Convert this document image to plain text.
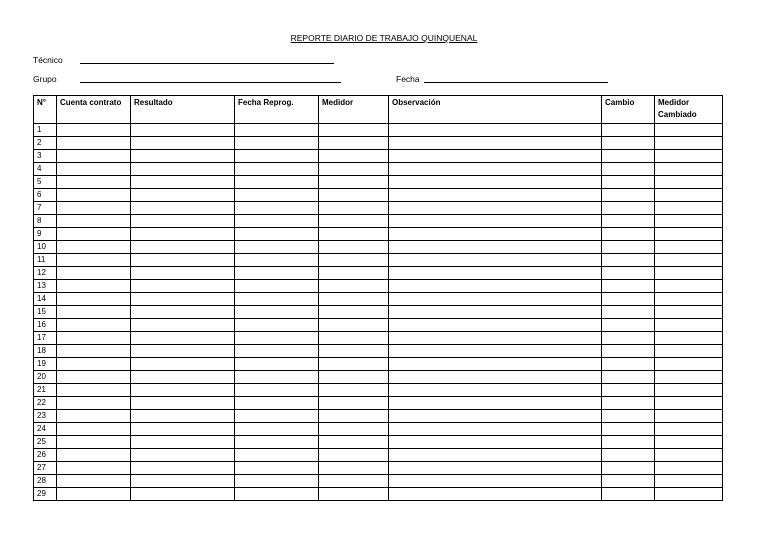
REPORTE DIARIO DE TRABAJO QUINQUENAL
Técnico
Grupo	Fecha
N°	Cuenta contrato	Resultado	Fecha Reprog.	Medidor	Observación	Cambio	Medidor Cambiado
1							
2							
3							
4							
5							
6							
7							
8							
9							
10							
11							
12							
13							
14							
15							
16							
17							
18							
19							
20							
21							
22							
23							
24							
25							
26							
27							
28							
29							
